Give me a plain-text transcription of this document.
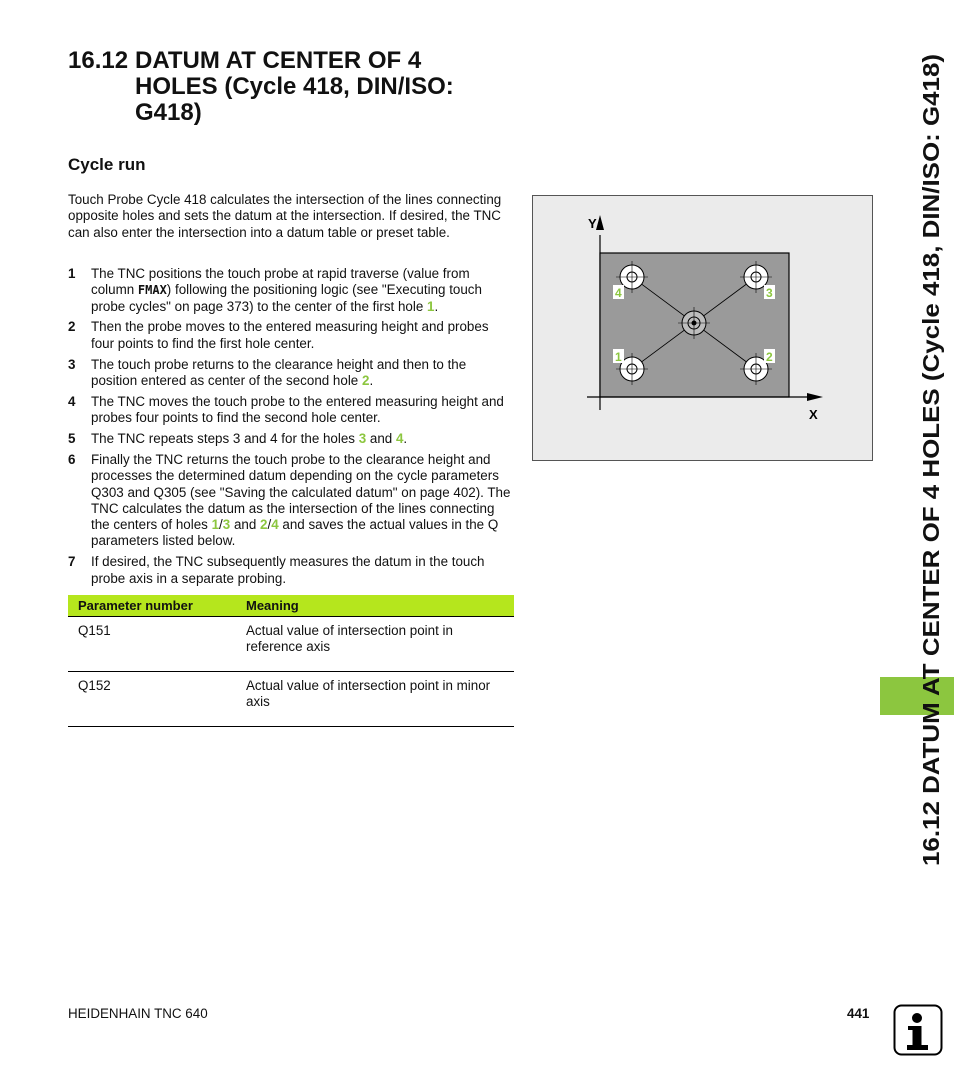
16.12 DATUM AT CENTER OF 4 HOLES (Cycle 418, DIN/ISO: G418)
Cycle run

Touch Probe Cycle 418 calculates the intersection of the lines connecting opposite holes and sets the datum at the intersection. If desired, the TNC can also enter the intersection into a datum table or preset table.

1 The TNC positions the touch probe at rapid traverse (value from column FMAX) following the positioning logic (see "Executing touch probe cycles" on page 373) to the center of the first hole 1.
2 Then the probe moves to the entered measuring height and probes four points to find the first hole center.
3 The touch probe returns to the clearance height and then to the position entered as center of the second hole 2.
4 The TNC moves the touch probe to the entered measuring height and probes four points to find the second hole center.
5 The TNC repeats steps 3 and 4 for the holes 3 and 4.
6 Finally the TNC returns the touch probe to the clearance height and processes the determined datum depending on the cycle parameters Q303 and Q305 (see "Saving the calculated datum" on page 402). The TNC calculates the datum as the intersection of the lines connecting the centers of holes 1/3 and 2/4 and saves the actual values in the Q parameters listed below.
7 If desired, the TNC subsequently measures the datum in the touch probe axis in a separate probing.
Parameter number	Meaning
Q151	Actual value of intersection point in reference axis
Q152	Actual value of intersection point in minor axis
Y
X
4	3
1	2	16.12 DATUM AT CENTER OF 4 HOLES (Cycle 418, DIN/ISO: G418)
HEIDENHAIN TNC 640	441
